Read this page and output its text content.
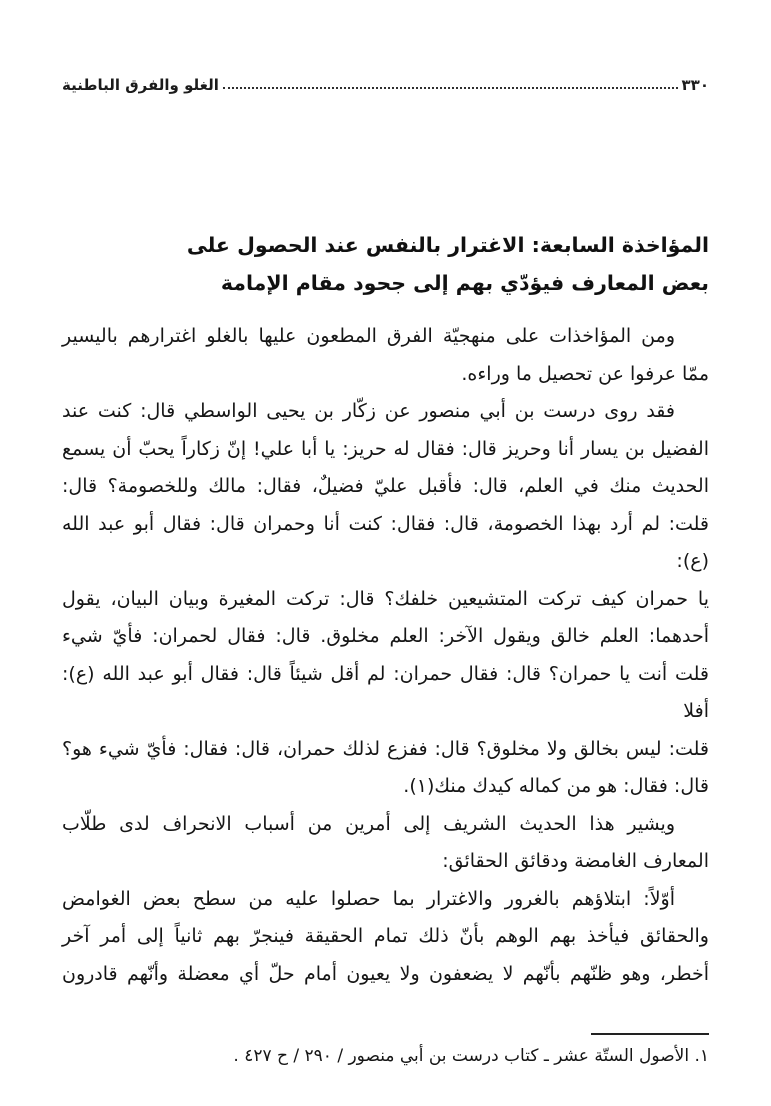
الغلو والفرق الباطنية	٣٣٠
المؤاخذة السابعة: الاغترار بالنفس عند الحصول على
بعض المعارف فيؤدّي بهم إلى جحود مقام الإمامة

ومن المؤاخذات على منهجيّة الفرق المطعون عليها بالغلو اغترارهم باليسير
ممّا عرفوا عن تحصيل ما وراءه.

فقد روى درست بن أبي منصور عن زكّار بن يحيى الواسطي قال: كنت عند
الفضيل بن يسار أنا وحريز قال: فقال له حريز: يا أبا علي! إنّ زكاراً يحبّ أن يسمع
الحديث منك في العلم، قال: فأقبل عليّ فضيلٌ، فقال: مالك وللخصومة؟ قال:
قلت: لم أرد بهذا الخصومة، قال: فقال: كنت أنا وحمران قال: فقال أبو عبد الله (ع):
يا حمران كيف تركت المتشيعين خلفك؟ قال: تركت المغيرة وبيان البيان، يقول
أحدهما: العلم خالق ويقول الآخر: العلم مخلوق. قال: فقال لحمران: فأيّ شيء
قلت أنت يا حمران؟ قال: فقال حمران: لم أقل شيئاً قال: فقال أبو عبد الله (ع): أفلا
قلت: ليس بخالق ولا مخلوق؟ قال: ففزع لذلك حمران، قال: فقال: فأيّ شيء هو؟
قال: فقال: هو من كماله كيدك منك(١).

ويشير هذا الحديث الشريف إلى أمرين من أسباب الانحراف لدى طلّاب
المعارف الغامضة ودقائق الحقائق:

أوّلاً: ابتلاؤهم بالغرور والاغترار بما حصلوا عليه من سطح بعض الغوامض
والحقائق فيأخذ بهم الوهم بأنّ ذلك تمام الحقيقة فينجرّ بهم ثانياً إلى أمر آخر
أخطر، وهو ظنّهم بأنّهم لا يضعفون ولا يعيون أمام حلّ أي معضلة وأنّهم قادرون

١. الأصول الستّة عشر ـ كتاب درست بن أبي منصور / ٢٩٠ / ح ٤٢٧ .
